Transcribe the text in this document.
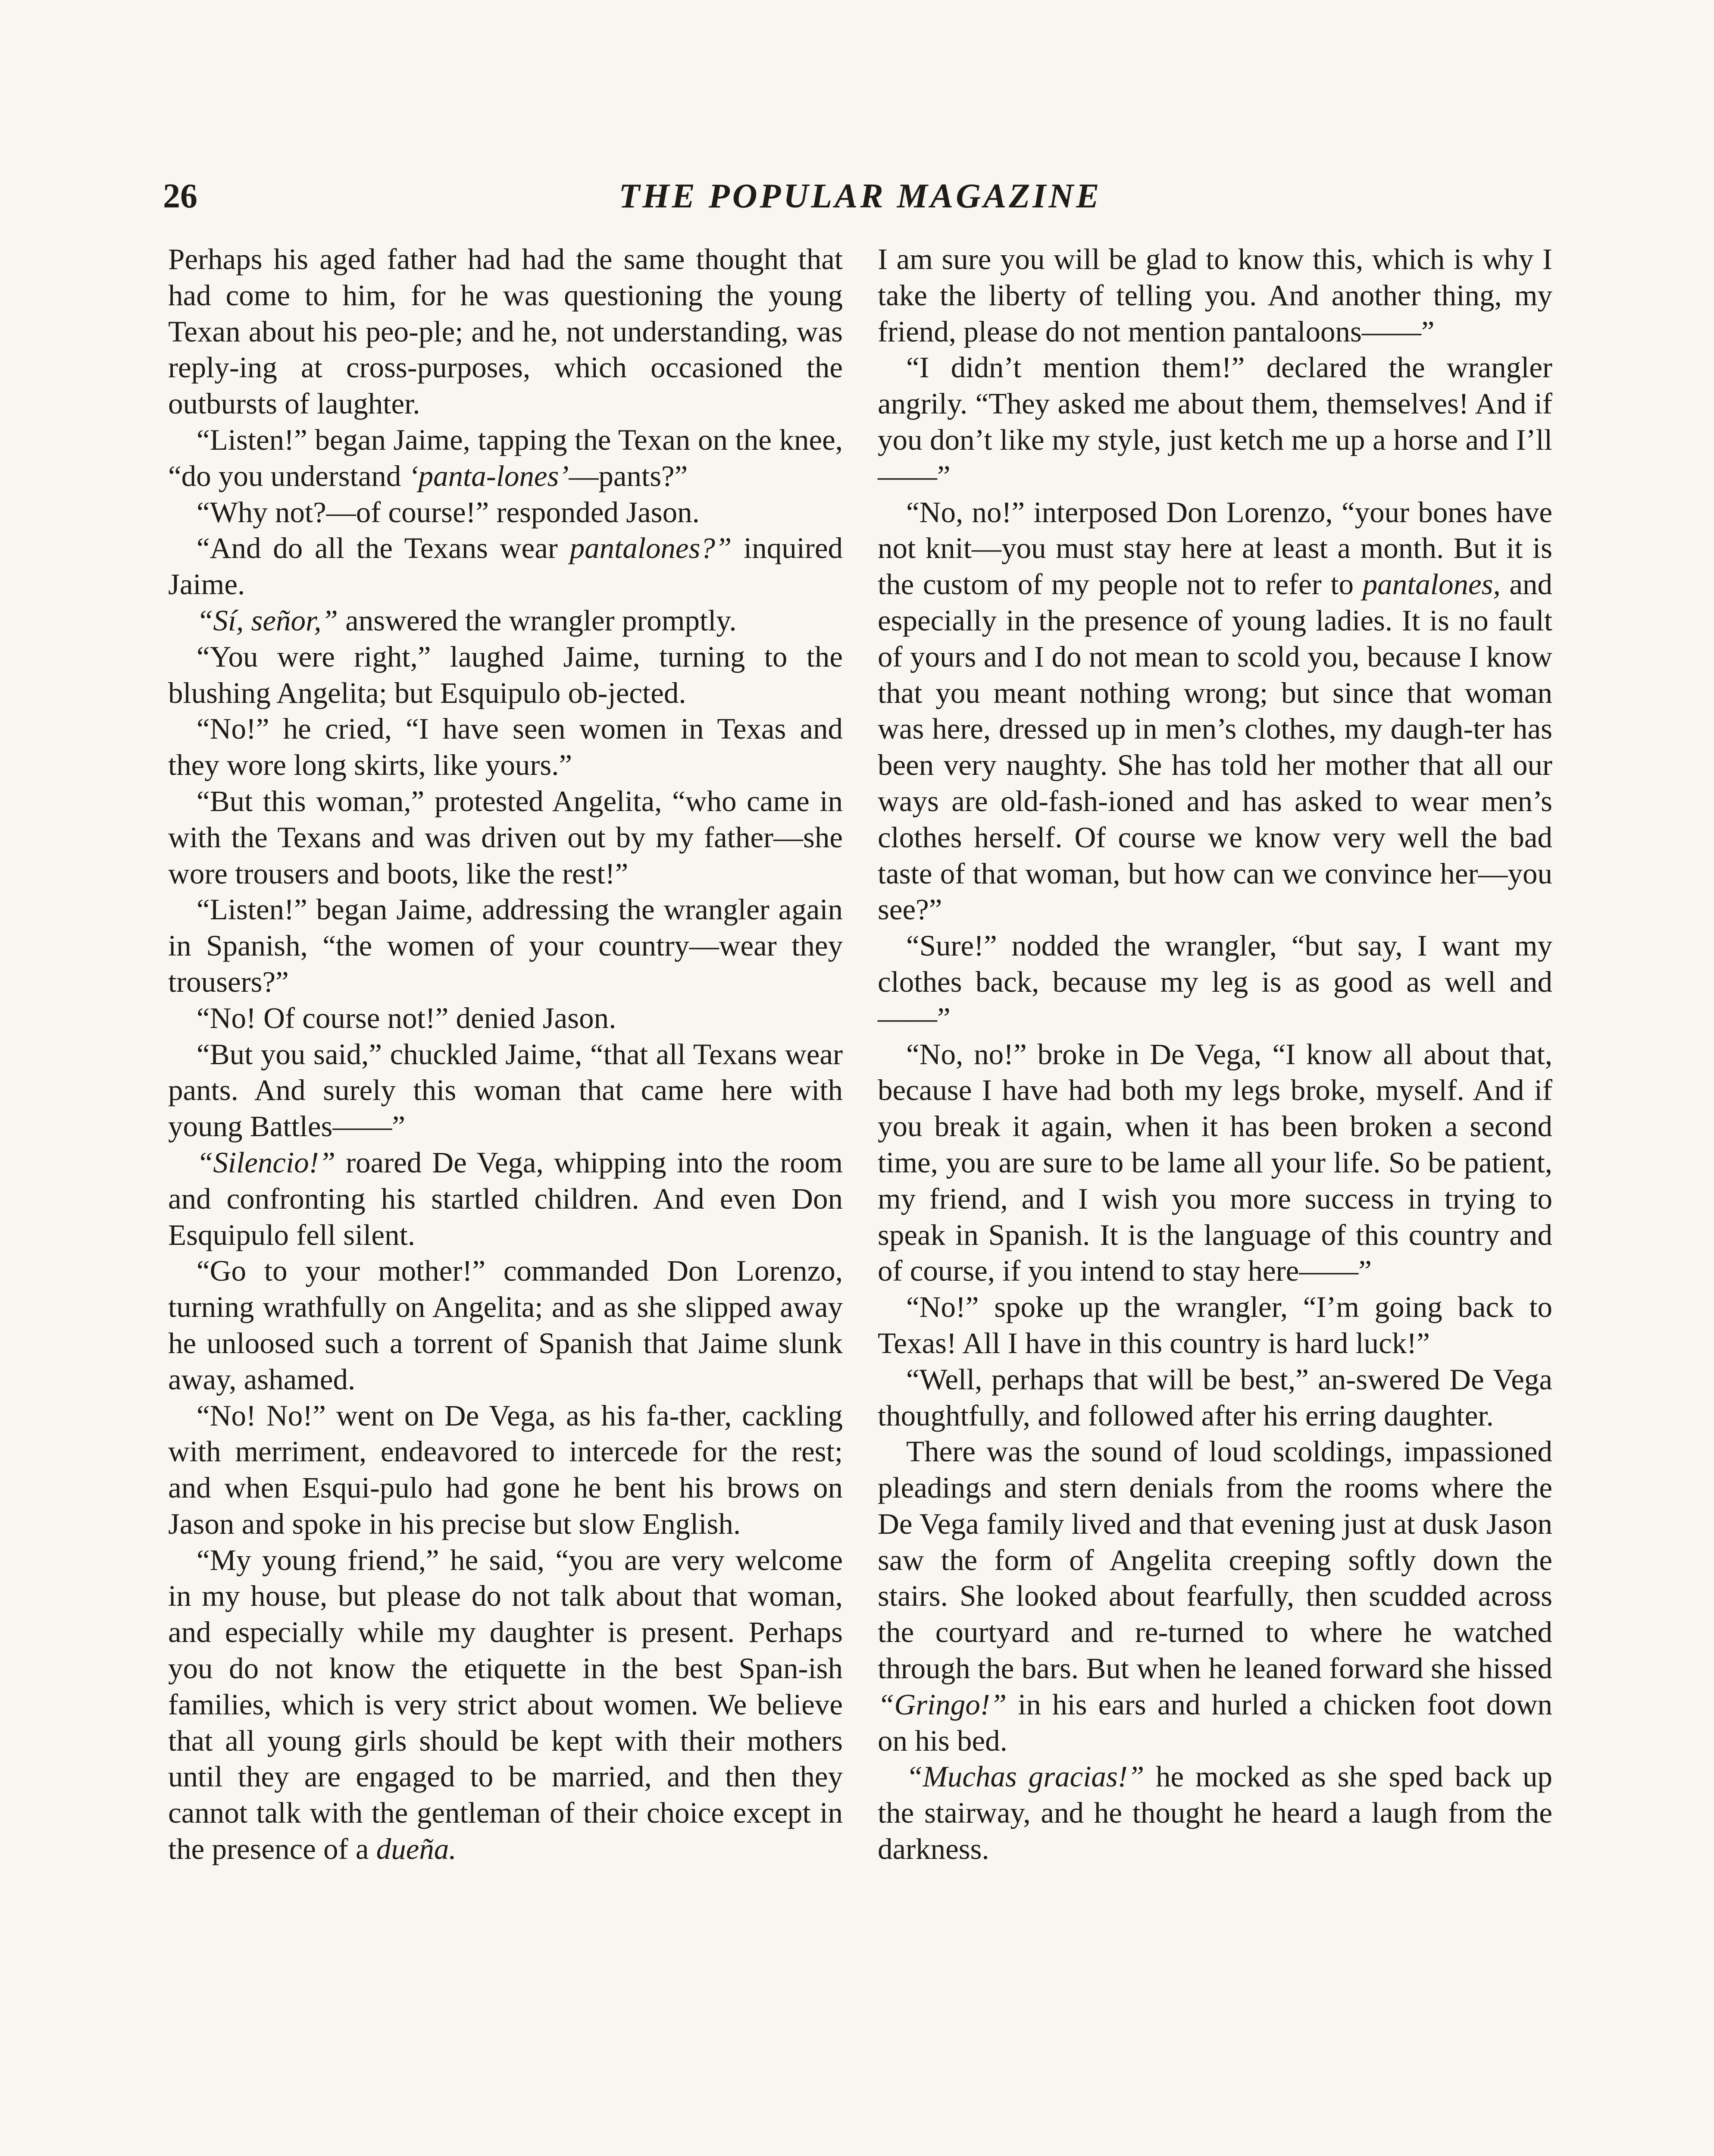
26	THE POPULAR MAGAZINE

Perhaps his aged father had had the same thought that had come to him, for he was questioning the young Texan about his peo-ple; and he, not understanding, was reply-ing at cross-purposes, which occasioned the outbursts of laughter.

“Listen!” began Jaime, tapping the Texan on the knee, “do you understand ‘panta-lones’—pants?”

“Why not?—of course!” responded Jason.

“And do all the Texans wear pantalones?” inquired Jaime.

“Sí, señor,” answered the wrangler promptly.

“You were right,” laughed Jaime, turning to the blushing Angelita; but Esquipulo ob-jected.

“No!” he cried, “I have seen women in Texas and they wore long skirts, like yours.”

“But this woman,” protested Angelita, “who came in with the Texans and was driven out by my father—she wore trousers and boots, like the rest!”

“Listen!” began Jaime, addressing the wrangler again in Spanish, “the women of your country—wear they trousers?”

“No! Of course not!” denied Jason.

“But you said,” chuckled Jaime, “that all Texans wear pants. And surely this woman that came here with young Battles——”

“Silencio!” roared De Vega, whipping into the room and confronting his startled children. And even Don Esquipulo fell silent.

“Go to your mother!” commanded Don Lorenzo, turning wrathfully on Angelita; and as she slipped away he unloosed such a torrent of Spanish that Jaime slunk away, ashamed.

“No! No!” went on De Vega, as his fa-ther, cackling with merriment, endeavored to intercede for the rest; and when Esqui-pulo had gone he bent his brows on Jason and spoke in his precise but slow English.

“My young friend,” he said, “you are very welcome in my house, but please do not talk about that woman, and especially while my daughter is present. Perhaps you do not know the etiquette in the best Span-ish families, which is very strict about women. We believe that all young girls should be kept with their mothers until they are engaged to be married, and then they cannot talk with the gentleman of their choice except in the presence of a dueña.

I am sure you will be glad to know this, which is why I take the liberty of telling you. And another thing, my friend, please do not mention pantaloons——”

“I didn’t mention them!” declared the wrangler angrily. “They asked me about them, themselves! And if you don’t like my style, just ketch me up a horse and I’ll——”

“No, no!” interposed Don Lorenzo, “your bones have not knit—you must stay here at least a month. But it is the custom of my people not to refer to pantalones, and especially in the presence of young ladies. It is no fault of yours and I do not mean to scold you, because I know that you meant nothing wrong; but since that woman was here, dressed up in men’s clothes, my daugh-ter has been very naughty. She has told her mother that all our ways are old-fash-ioned and has asked to wear men’s clothes herself. Of course we know very well the bad taste of that woman, but how can we convince her—you see?”

“Sure!” nodded the wrangler, “but say, I want my clothes back, because my leg is as good as well and——”

“No, no!” broke in De Vega, “I know all about that, because I have had both my legs broke, myself. And if you break it again, when it has been broken a second time, you are sure to be lame all your life. So be patient, my friend, and I wish you more success in trying to speak in Spanish. It is the language of this country and of course, if you intend to stay here——”

“No!” spoke up the wrangler, “I’m going back to Texas! All I have in this country is hard luck!”

“Well, perhaps that will be best,” an-swered De Vega thoughtfully, and followed after his erring daughter.

There was the sound of loud scoldings, impassioned pleadings and stern denials from the rooms where the De Vega family lived and that evening just at dusk Jason saw the form of Angelita creeping softly down the stairs. She looked about fearfully, then scudded across the courtyard and re-turned to where he watched through the bars. But when he leaned forward she hissed “Gringo!” in his ears and hurled a chicken foot down on his bed.

“Muchas gracias!” he mocked as she sped back up the stairway, and he thought he heard a laugh from the darkness.
